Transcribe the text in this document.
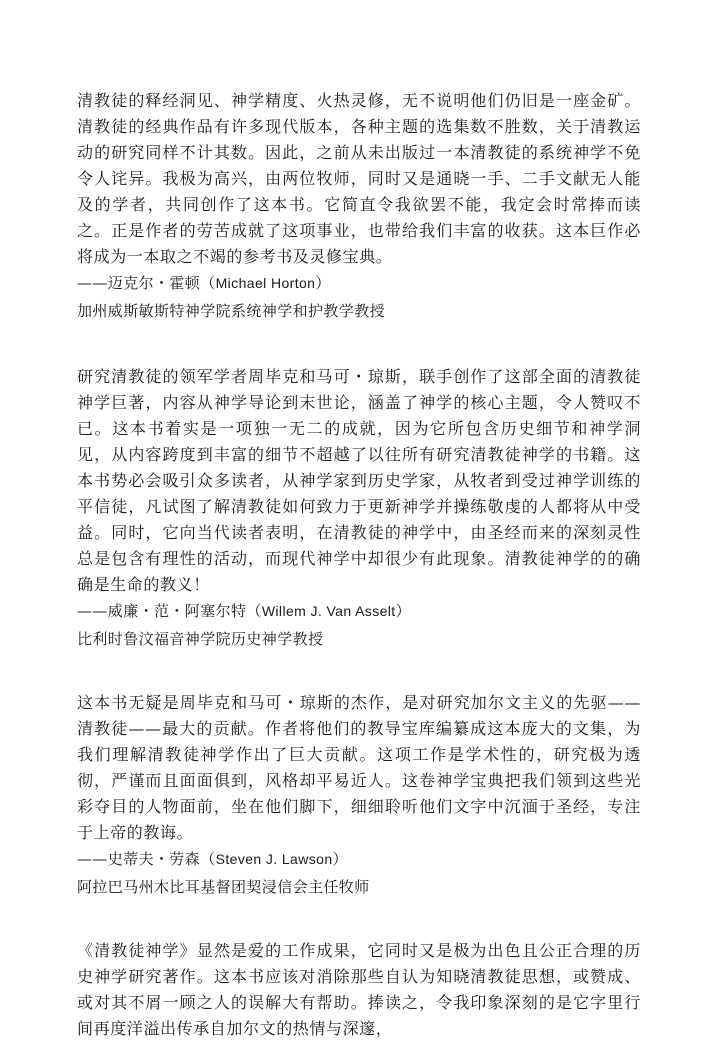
清教徒的释经洞见、神学精度、火热灵修，无不说明他们仍旧是一座金矿。清教徒的经典作品有许多现代版本，各种主题的选集数不胜数，关于清教运动的研究同样不计其数。因此，之前从未出版过一本清教徒的系统神学不免令人诧异。我极为高兴，由两位牧师，同时又是通晓一手、二手文献无人能及的学者，共同创作了这本书。它简直令我欲罢不能，我定会时常捧而读之。正是作者的劳苦成就了这项事业，也带给我们丰富的收获。这本巨作必将成为一本取之不竭的参考书及灵修宝典。

——迈克尔・霍顿（Michael Horton）

加州威斯敏斯特神学院系统神学和护教学教授

研究清教徒的领军学者周毕克和马可・琼斯，联手创作了这部全面的清教徒神学巨著，内容从神学导论到末世论，涵盖了神学的核心主题，令人赞叹不已。这本书着实是一项独一无二的成就，因为它所包含历史细节和神学洞见，从内容跨度到丰富的细节不超越了以往所有研究清教徒神学的书籍。这本书势必会吸引众多读者，从神学家到历史学家，从牧者到受过神学训练的平信徒，凡试图了解清教徒如何致力于更新神学并操练敬虔的人都将从中受益。同时，它向当代读者表明，在清教徒的神学中，由圣经而来的深刻灵性总是包含有理性的活动，而现代神学中却很少有此现象。清教徒神学的的确确是生命的教义！

——威廉・范・阿塞尔特（Willem J. Van Asselt）

比利时鲁汶福音神学院历史神学教授

这本书无疑是周毕克和马可・琼斯的杰作，是对研究加尔文主义的先驱——清教徒——最大的贡献。作者将他们的教导宝库编纂成这本庞大的文集，为我们理解清教徒神学作出了巨大贡献。这项工作是学术性的，研究极为透彻，严谨而且面面俱到，风格却平易近人。这卷神学宝典把我们领到这些光彩夺目的人物面前，坐在他们脚下，细细聆听他们文字中沉湎于圣经，专注于上帝的教诲。

——史蒂夫・劳森（Steven J. Lawson）

阿拉巴马州木比耳基督团契浸信会主任牧师

《清教徒神学》显然是爱的工作成果，它同时又是极为出色且公正合理的历史神学研究著作。这本书应该对消除那些自认为知晓清教徒思想，或赞成、或对其不屑一顾之人的误解大有帮助。捧读之，令我印象深刻的是它字里行间再度洋溢出传承自加尔文的热情与深邃，
